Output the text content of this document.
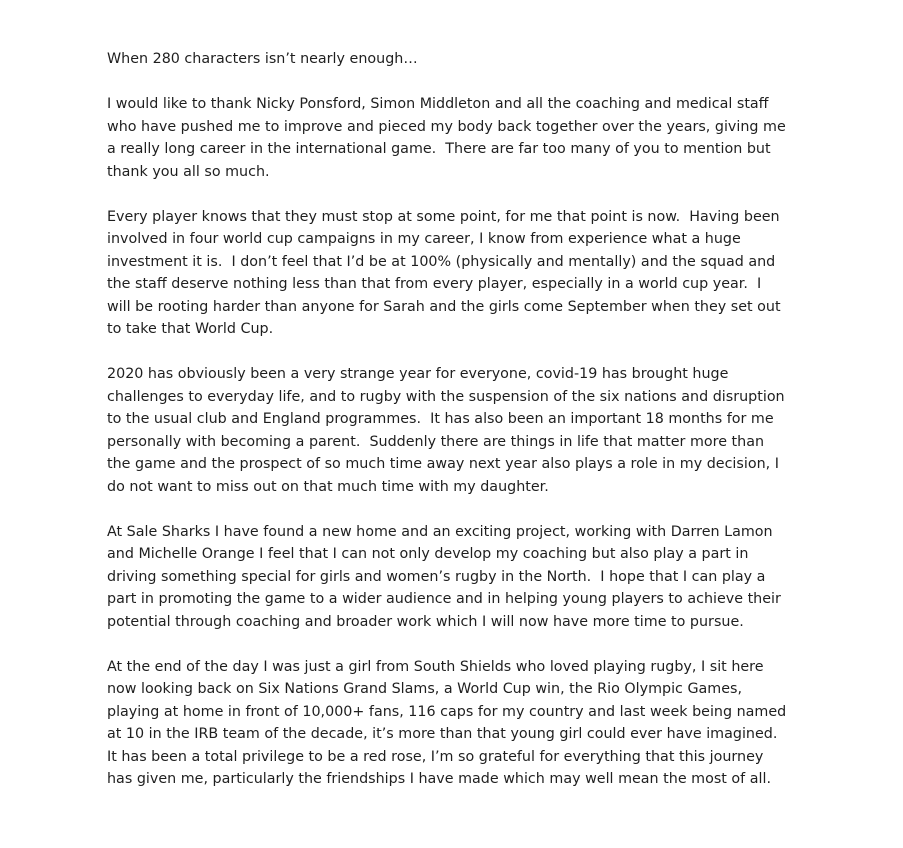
When 280 characters isn’t nearly enough…

I would like to thank Nicky Ponsford, Simon Middleton and all the coaching and medical staff
who have pushed me to improve and pieced my body back together over the years, giving me
a really long career in the international game.  There are far too many of you to mention but
thank you all so much.

Every player knows that they must stop at some point, for me that point is now.  Having been
involved in four world cup campaigns in my career, I know from experience what a huge
investment it is.  I don’t feel that I’d be at 100% (physically and mentally) and the squad and
the staff deserve nothing less than that from every player, especially in a world cup year.  I
will be rooting harder than anyone for Sarah and the girls come September when they set out
to take that World Cup.

2020 has obviously been a very strange year for everyone, covid-19 has brought huge
challenges to everyday life, and to rugby with the suspension of the six nations and disruption
to the usual club and England programmes.  It has also been an important 18 months for me
personally with becoming a parent.  Suddenly there are things in life that matter more than
the game and the prospect of so much time away next year also plays a role in my decision, I
do not want to miss out on that much time with my daughter.

At Sale Sharks I have found a new home and an exciting project, working with Darren Lamon
and Michelle Orange I feel that I can not only develop my coaching but also play a part in
driving something special for girls and women’s rugby in the North.  I hope that I can play a
part in promoting the game to a wider audience and in helping young players to achieve their
potential through coaching and broader work which I will now have more time to pursue.

At the end of the day I was just a girl from South Shields who loved playing rugby, I sit here
now looking back on Six Nations Grand Slams, a World Cup win, the Rio Olympic Games,
playing at home in front of 10,000+ fans, 116 caps for my country and last week being named
at 10 in the IRB team of the decade, it’s more than that young girl could ever have imagined.
It has been a total privilege to be a red rose, I’m so grateful for everything that this journey
has given me, particularly the friendships I have made which may well mean the most of all.
